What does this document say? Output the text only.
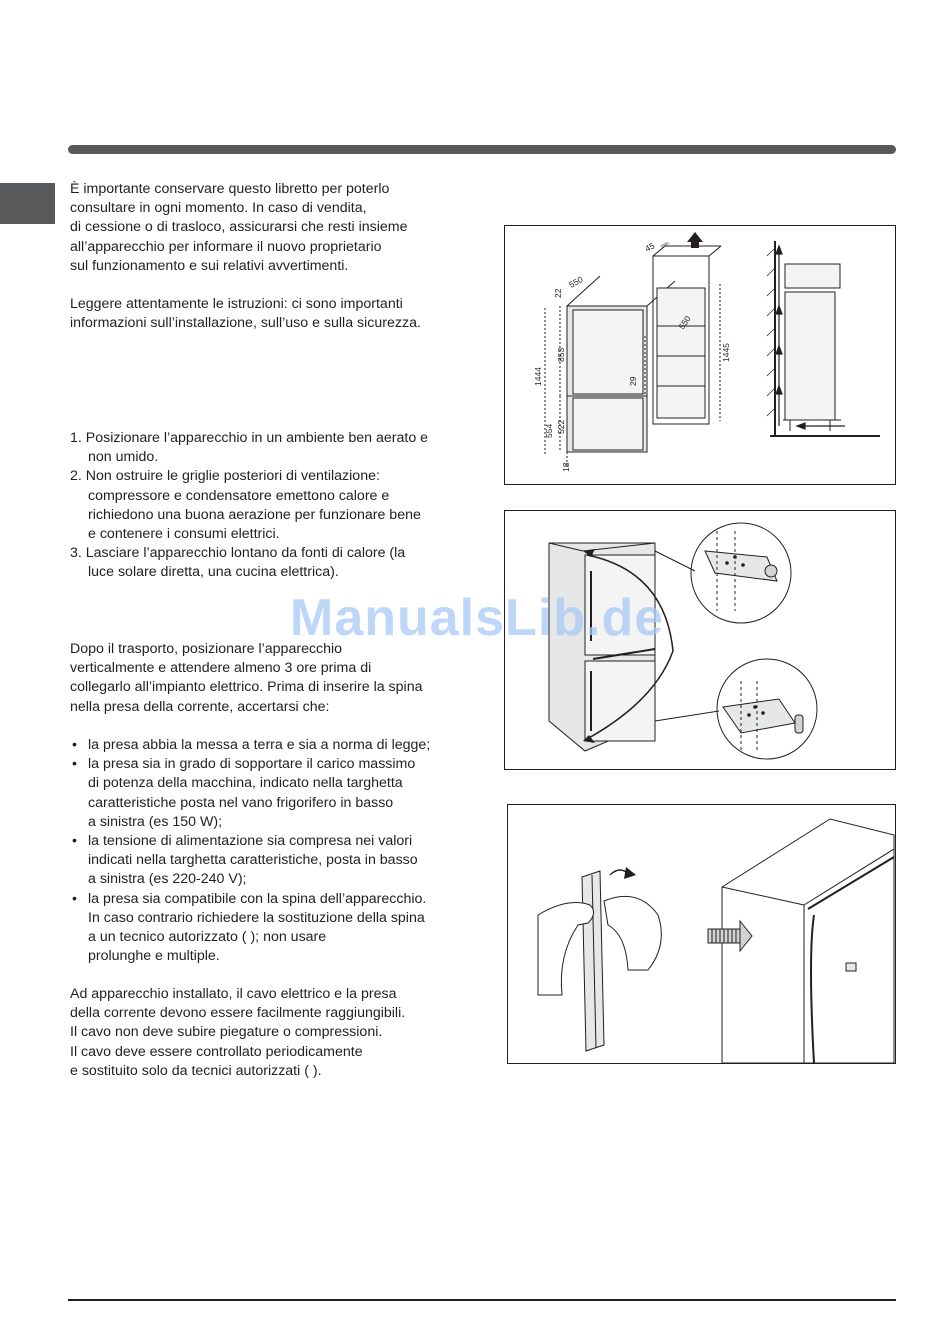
È importante conservare questo libretto per poterlo
consultare in ogni momento. In caso di vendita,
di cessione o di trasloco, assicurarsi che resti insieme
all’apparecchio per informare il nuovo proprietario
sul funzionamento e sui relativi avvertimenti.

Leggere attentamente le istruzioni: ci sono importanti
informazioni sull’installazione, sull’uso e sulla sicurezza.

1. Posizionare l’apparecchio in un ambiente ben aerato e
non umido.
2. Non ostruire le griglie posteriori di ventilazione:
compressore e condensatore emettono calore e
richiedono una buona aerazione per funzionare bene
e contenere i consumi elettrici.
3. Lasciare l’apparecchio lontano da fonti di calore (la
luce solare diretta, una cucina elettrica).

Dopo il trasporto, posizionare l’apparecchio
verticalmente e attendere almeno 3 ore prima di
collegarlo all’impianto elettrico. Prima di inserire la spina
nella presa della corrente, accertarsi che:

• la presa abbia la messa a terra e sia a norma di legge;
• la presa sia in grado di sopportare il carico massimo
di potenza della macchina, indicato nella targhetta
caratteristiche posta nel vano frigorifero in basso
a sinistra (es 150 W);
• la tensione di alimentazione sia compresa nei valori
indicati nella targhetta caratteristiche, posta in basso
a sinistra (es 220-240 V);
• la presa sia compatibile con la spina dell’apparecchio.
In caso contrario richiedere la sostituzione della spina
a un tecnico autorizzato ( ); non usare
prolunghe e multiple.

Ad apparecchio installato, il cavo elettrico e la presa
della corrente devono essere facilmente raggiungibili.
Il cavo non deve subire piegature o compressioni.
Il cavo deve essere controllato periodicamente
e sostituito solo da tecnici autorizzati ( ).

45 min.
550
22
550
1444
853
29
554 522
18
1445
ManualsLib.de
